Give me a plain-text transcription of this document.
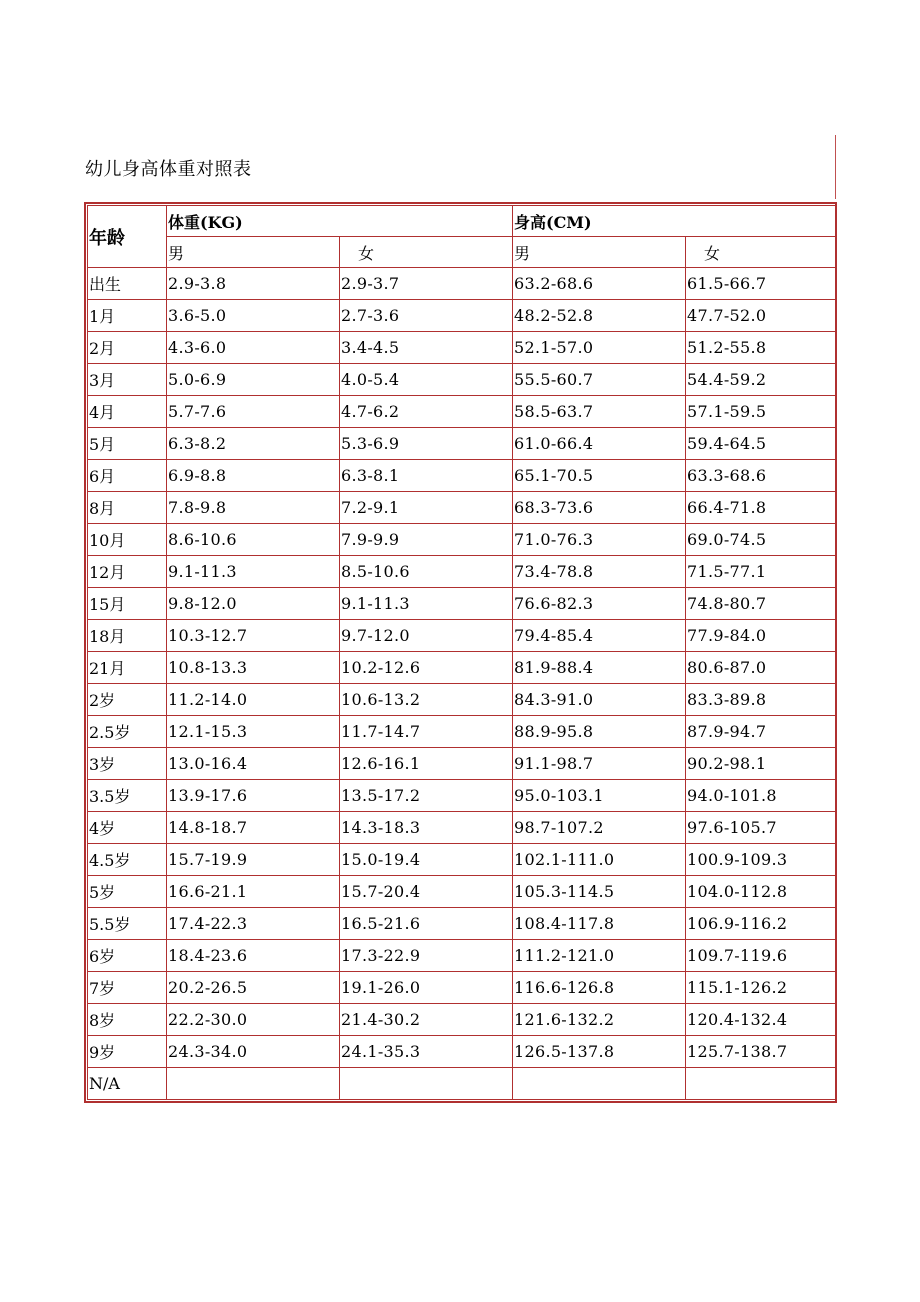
幼儿身高体重对照表
年龄	体重(KG)		身高(CM)	
	男	女	男	女
出生	2.9-3.8	2.9-3.7	63.2-68.6	61.5-66.7
1月	3.6-5.0	2.7-3.6	48.2-52.8	47.7-52.0
2月	4.3-6.0	3.4-4.5	52.1-57.0	51.2-55.8
3月	5.0-6.9	4.0-5.4	55.5-60.7	54.4-59.2
4月	5.7-7.6	4.7-6.2	58.5-63.7	57.1-59.5
5月	6.3-8.2	5.3-6.9	61.0-66.4	59.4-64.5
6月	6.9-8.8	6.3-8.1	65.1-70.5	63.3-68.6
8月	7.8-9.8	7.2-9.1	68.3-73.6	66.4-71.8
10月	8.6-10.6	7.9-9.9	71.0-76.3	69.0-74.5
12月	9.1-11.3	8.5-10.6	73.4-78.8	71.5-77.1
15月	9.8-12.0	9.1-11.3	76.6-82.3	74.8-80.7
18月	10.3-12.7	9.7-12.0	79.4-85.4	77.9-84.0
21月	10.8-13.3	10.2-12.6	81.9-88.4	80.6-87.0
2岁	11.2-14.0	10.6-13.2	84.3-91.0	83.3-89.8
2.5岁	12.1-15.3	11.7-14.7	88.9-95.8	87.9-94.7
3岁	13.0-16.4	12.6-16.1	91.1-98.7	90.2-98.1
3.5岁	13.9-17.6	13.5-17.2	95.0-103.1	94.0-101.8
4岁	14.8-18.7	14.3-18.3	98.7-107.2	97.6-105.7
4.5岁	15.7-19.9	15.0-19.4	102.1-111.0	100.9-109.3
5岁	16.6-21.1	15.7-20.4	105.3-114.5	104.0-112.8
5.5岁	17.4-22.3	16.5-21.6	108.4-117.8	106.9-116.2
6岁	18.4-23.6	17.3-22.9	111.2-121.0	109.7-119.6
7岁	20.2-26.5	19.1-26.0	116.6-126.8	115.1-126.2
8岁	22.2-30.0	21.4-30.2	121.6-132.2	120.4-132.4
9岁	24.3-34.0	24.1-35.3	126.5-137.8	125.7-138.7
N/A				
